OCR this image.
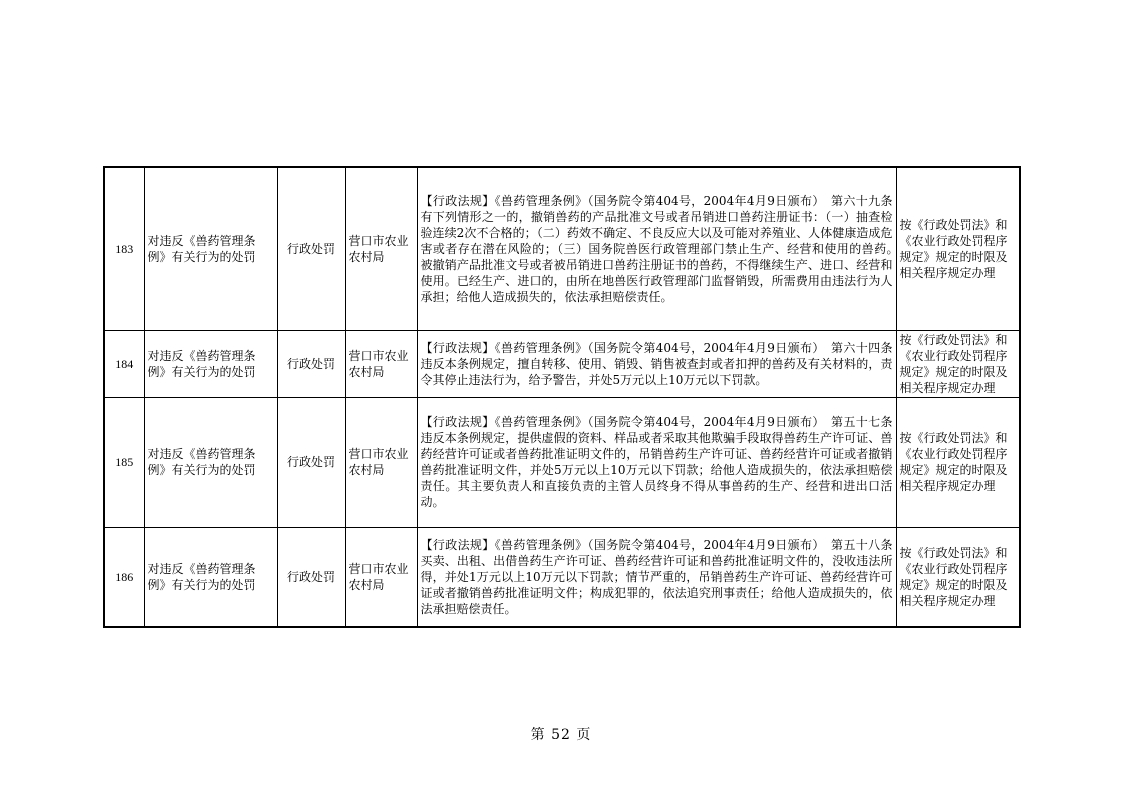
183	对违反《兽药管理条例》有关行为的处罚	行政处罚	营口市农业农村局	【行政法规】《兽药管理条例》（国务院令第404号，2004年4月9日颁布）　第六十九条　有下列情形之一的，撤销兽药的产品批准文号或者吊销进口兽药注册证书：（一）抽查检验连续2次不合格的；（二）药效不确定、不良反应大以及可能对养殖业、人体健康造成危害或者存在潜在风险的；（三）国务院兽医行政管理部门禁止生产、经营和使用的兽药。　被撤销产品批准文号或者被吊销进口兽药注册证书的兽药，不得继续生产、进口、经营和使用。已经生产、进口的，由所在地兽医行政管理部门监督销毁，所需费用由违法行为人承担；给他人造成损失的，依法承担赔偿责任。	按《行政处罚法》和《农业行政处罚程序规定》规定的时限及相关程序规定办理
184	对违反《兽药管理条例》有关行为的处罚	行政处罚	营口市农业农村局	【行政法规】《兽药管理条例》（国务院令第404号，2004年4月9日颁布）　第六十四条　违反本条例规定，擅自转移、使用、销毁、销售被查封或者扣押的兽药及有关材料的，责令其停止违法行为，给予警告，并处5万元以上10万元以下罚款。	按《行政处罚法》和《农业行政处罚程序规定》规定的时限及相关程序规定办理
185	对违反《兽药管理条例》有关行为的处罚	行政处罚	营口市农业农村局	【行政法规】《兽药管理条例》（国务院令第404号，2004年4月9日颁布）　第五十七条　违反本条例规定，提供虚假的资料、样品或者采取其他欺骗手段取得兽药生产许可证、兽药经营许可证或者兽药批准证明文件的，吊销兽药生产许可证、兽药经营许可证或者撤销兽药批准证明文件，并处5万元以上10万元以下罚款；给他人造成损失的，依法承担赔偿责任。其主要负责人和直接负责的主管人员终身不得从事兽药的生产、经营和进出口活动。	按《行政处罚法》和《农业行政处罚程序规定》规定的时限及相关程序规定办理
186	对违反《兽药管理条例》有关行为的处罚	行政处罚	营口市农业农村局	【行政法规】《兽药管理条例》（国务院令第404号，2004年4月9日颁布）　第五十八条　买卖、出租、出借兽药生产许可证、兽药经营许可证和兽药批准证明文件的，没收违法所得，并处1万元以上10万元以下罚款；情节严重的，吊销兽药生产许可证、兽药经营许可证或者撤销兽药批准证明文件；构成犯罪的，依法追究刑事责任；给他人造成损失的，依法承担赔偿责任。	按《行政处罚法》和《农业行政处罚程序规定》规定的时限及相关程序规定办理
第 52 页
